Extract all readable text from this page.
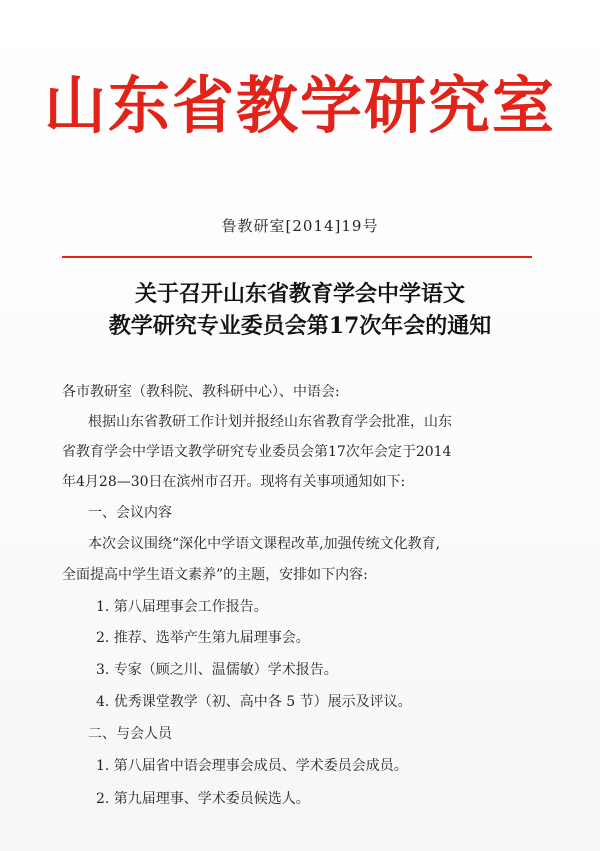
山东省教学研究室
鲁教研室[2014]19号
关于召开山东省教育学会中学语文
教学研究专业委员会第17次年会的通知
各市教研室（教科院、教科研中心）、中语会:
根据山东省教研工作计划并报经山东省教育学会批准，山东
省教育学会中学语文教学研究专业委员会第17次年会定于2014
年4月28—30日在滨州市召开。现将有关事项通知如下:
一、会议内容
本次会议围绕“深化中学语文课程改革,加强传统文化教育,
全面提高中学生语文素养”的主题，安排如下内容:
1. 第八届理事会工作报告。
2. 推荐、选举产生第九届理事会。
3. 专家（顾之川、温儒敏）学术报告。
4. 优秀课堂教学（初、高中各 5 节）展示及评议。
二、与会人员
1. 第八届省中语会理事会成员、学术委员会成员。
2. 第九届理事、学术委员候选人。
